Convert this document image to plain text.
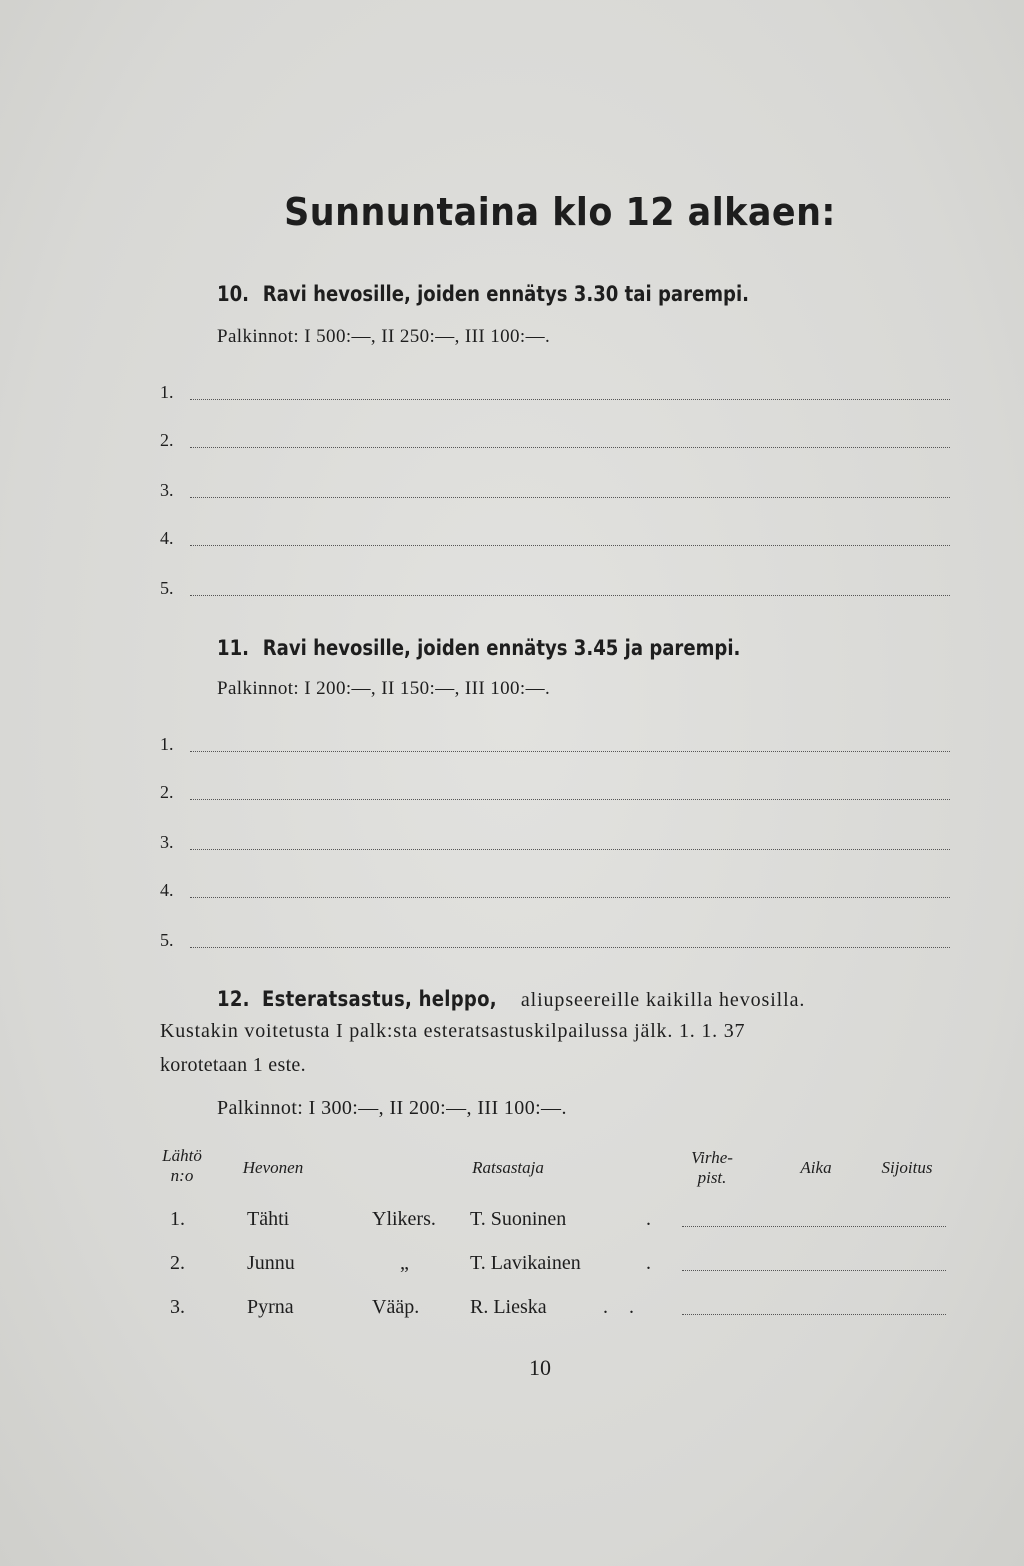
Sunnuntaina klo 12 alkaen:
10. Ravi hevosille, joiden ennätys 3.30 tai parempi.
Palkinnot: I 500:—, II 250:—, III 100:—.
1.
2.
3.
4.
5.
11. Ravi hevosille, joiden ennätys 3.45 ja parempi.
Palkinnot: I 200:—, II 150:—, III 100:—.
1.
2.
3.
4.
5.
12. Esteratsastus, helppo, aliupseereille kaikilla hevosilla.
Kustakin voitetusta I palk:sta esteratsastuskilpailussa jälk. 1. 1. 37
korotetaan 1 este.
Palkinnot: I 300:—, II 200:—, III 100:—.
Lähtö
n:o	Hevonen	Ratsastaja
Virhe-
pist.
Aika	Sijoitus
1.	Tähti	Ylikers. T. Suoninen	.
2.	Junnu	„	T. Lavikainen	.
3.	Pyrna	Vääp.	R. Lieska	. .
10
